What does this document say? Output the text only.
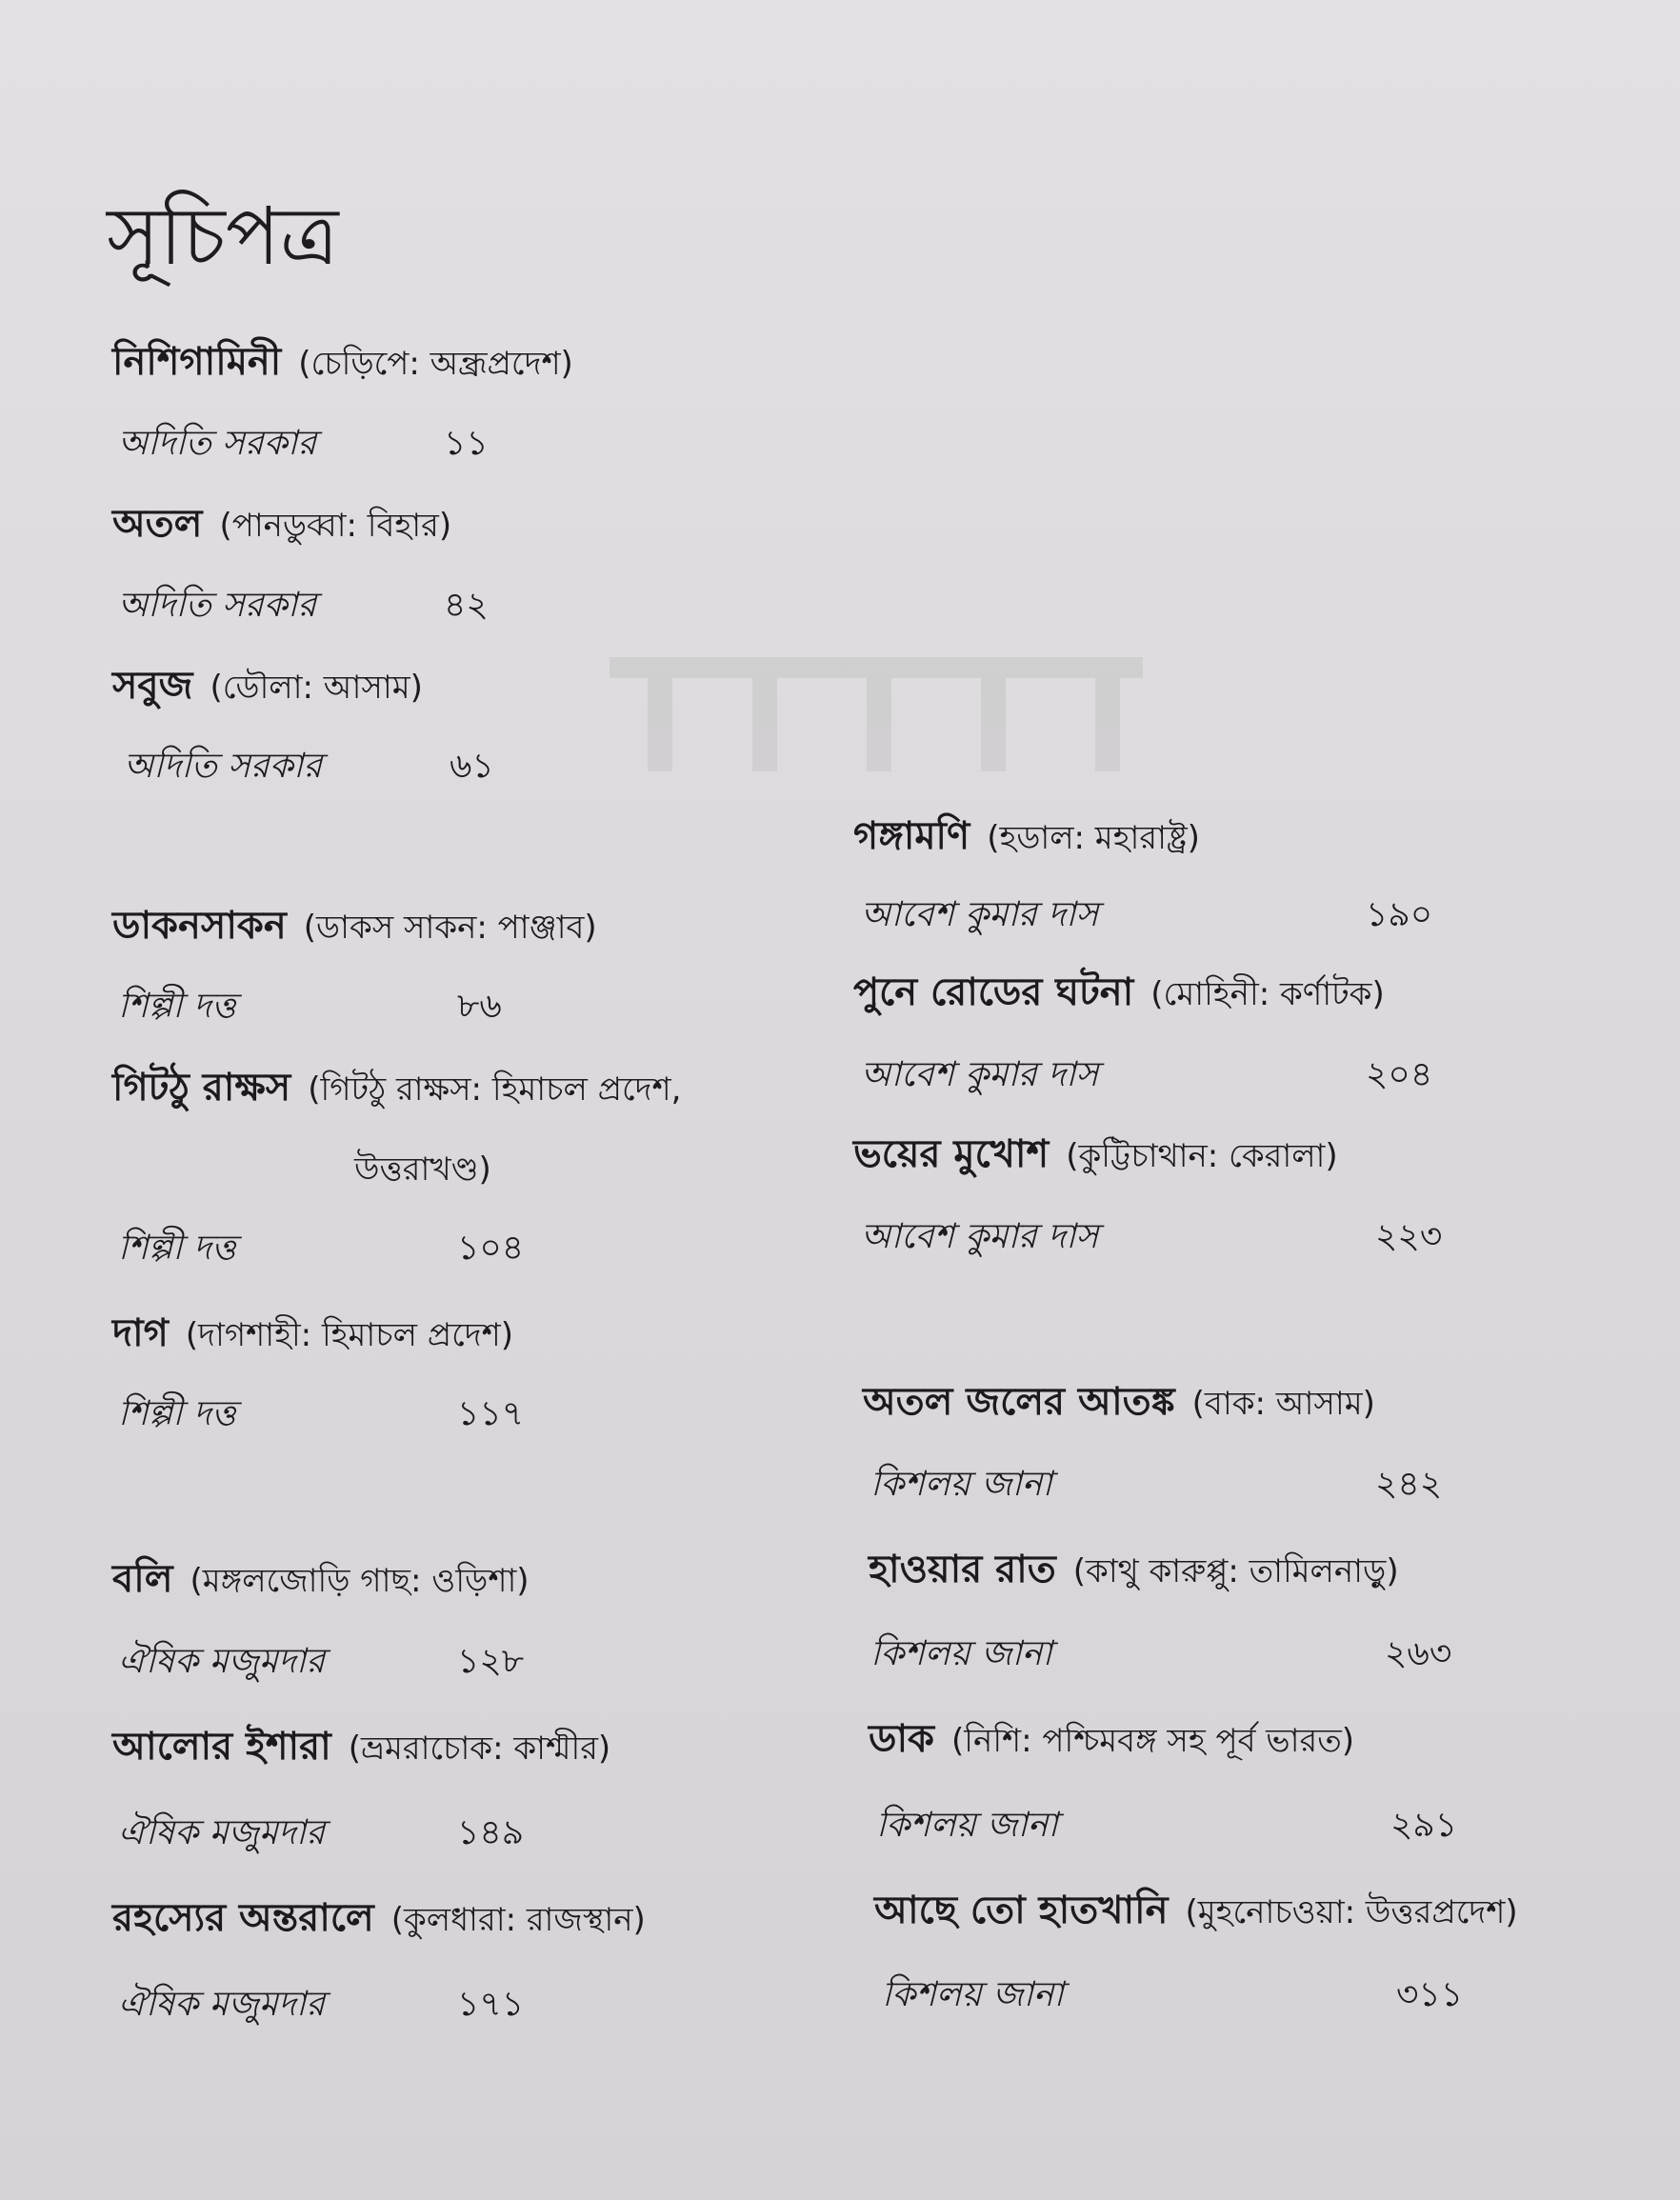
সূচিপত্র
নিশিগামিনী (চেড়িপে: অন্ধ্রপ্রদেশ)
অদিতি সরকার	১১
অতল (পানডুব্বা: বিহার)
অদিতি সরকার	৪২
সবুজ (ডৌলা: আসাম)
অদিতি সরকার	৬১
ডাকনসাকন (ডাকস সাকন: পাঞ্জাব)
শিল্পী দত্ত	৮৬
গিটঠু রাক্ষস (গিটঠু রাক্ষস: হিমাচল প্রদেশ,
উত্তরাখণ্ড)
শিল্পী দত্ত	১০৪
দাগ (দাগশাহী: হিমাচল প্রদেশ)
শিল্পী দত্ত	১১৭
বলি (মঙ্গলজোড়ি গাছ: ওড়িশা)
ঐষিক মজুমদার	১২৮
আলোর ইশারা (ভ্রমরাচোক: কাশ্মীর)
ঐষিক মজুমদার	১৪৯
রহস্যের অন্তরালে (কুলধারা: রাজস্থান)
ঐষিক মজুমদার	১৭১
গঙ্গামণি (হডাল: মহারাষ্ট্র)
আবেশ কুমার দাস	১৯০
পুনে রোডের ঘটনা (মোহিনী: কর্ণাটক)
আবেশ কুমার দাস	২০৪
ভয়ের মুখোশ (কুট্টিচাথান: কেরালা)
আবেশ কুমার দাস	২২৩
অতল জলের আতঙ্ক (বাক: আসাম)
কিশলয় জানা	২৪২
হাওয়ার রাত (কাথু কারুপ্পু: তামিলনাড়ু)
কিশলয় জানা	২৬৩
ডাক (নিশি: পশ্চিমবঙ্গ সহ পূর্ব ভারত)
কিশলয় জানা	২৯১
আছে তো হাতখানি (মুহনোচওয়া: উত্তরপ্রদেশ)
কিশলয় জানা	৩১১
